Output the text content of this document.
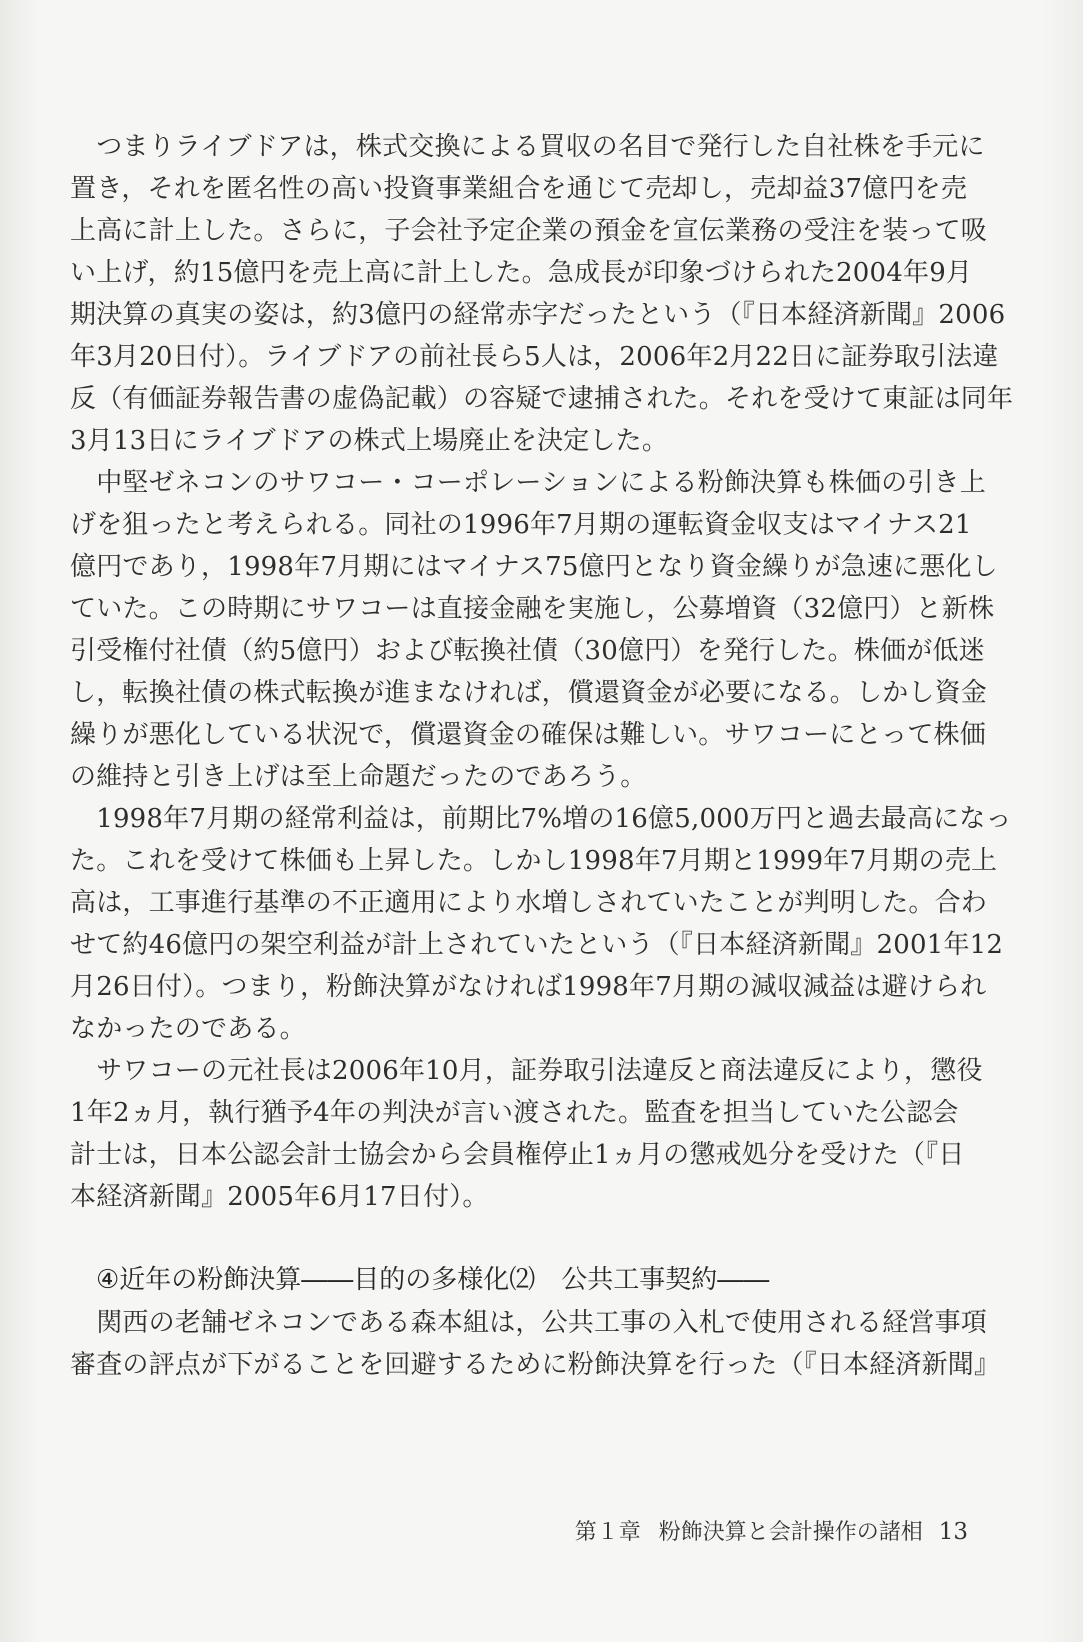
　つまりライブドアは，株式交換による買収の名目で発行した自社株を手元に
置き，それを匿名性の高い投資事業組合を通じて売却し，売却益37億円を売
上高に計上した。さらに，子会社予定企業の預金を宣伝業務の受注を装って吸
い上げ，約15億円を売上高に計上した。急成長が印象づけられた2004年9月
期決算の真実の姿は，約3億円の経常赤字だったという（『日本経済新聞』2006
年3月20日付）。ライブドアの前社長ら5人は，2006年2月22日に証券取引法違
反（有価証券報告書の虚偽記載）の容疑で逮捕された。それを受けて東証は同年
3月13日にライブドアの株式上場廃止を決定した。
　中堅ゼネコンのサワコー・コーポレーションによる粉飾決算も株価の引き上
げを狙ったと考えられる。同社の1996年7月期の運転資金収支はマイナス21
億円であり，1998年7月期にはマイナス75億円となり資金繰りが急速に悪化し
ていた。この時期にサワコーは直接金融を実施し，公募増資（32億円）と新株
引受権付社債（約5億円）および転換社債（30億円）を発行した。株価が低迷
し，転換社債の株式転換が進まなければ，償還資金が必要になる。しかし資金
繰りが悪化している状況で，償還資金の確保は難しい。サワコーにとって株価
の維持と引き上げは至上命題だったのであろう。
　1998年7月期の経常利益は，前期比7%増の16億5,000万円と過去最高になっ
た。これを受けて株価も上昇した。しかし1998年7月期と1999年7月期の売上
高は，工事進行基準の不正適用により水増しされていたことが判明した。合わ
せて約46億円の架空利益が計上されていたという（『日本経済新聞』2001年12
月26日付）。つまり，粉飾決算がなければ1998年7月期の減収減益は避けられ
なかったのである。
　サワコーの元社長は2006年10月，証券取引法違反と商法違反により，懲役
1年2ヵ月，執行猶予4年の判決が言い渡された。監査を担当していた公認会
計士は，日本公認会計士協会から会員権停止1ヵ月の懲戒処分を受けた（『日
本経済新聞』2005年6月17日付）。
④近年の粉飾決算――目的の多様化⑵　公共工事契約――
　関西の老舗ゼネコンである森本組は，公共工事の入札で使用される経営事項
審査の評点が下がることを回避するために粉飾決算を行った（『日本経済新聞』
第１章 粉飾決算と会計操作の諸相 13
